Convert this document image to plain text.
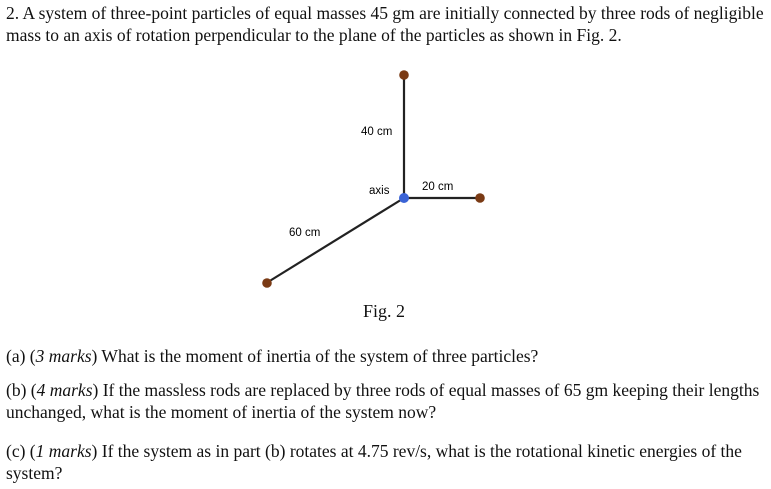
2. A system of three-point particles of equal masses 45 gm are initially connected by three rods of negligible mass to an axis of rotation perpendicular to the plane of the particles as shown in Fig. 2.
40 cm
20 cm
axis
60 cm
Fig. 2
(a) (3 marks) What is the moment of inertia of the system of three particles?
(b) (4 marks) If the massless rods are replaced by three rods of equal masses of 65 gm keeping their lengths unchanged, what is the moment of inertia of the system now?
(c) (1 marks) If the system as in part (b) rotates at 4.75 rev/s, what is the rotational kinetic energies of the system?
